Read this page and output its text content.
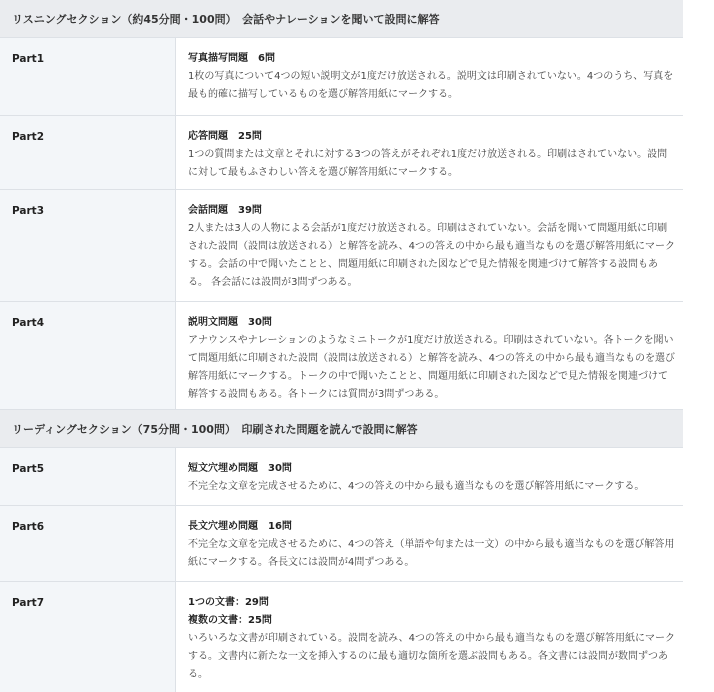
リスニングセクション（約45分間・100問）　会話やナレーションを聞いて設問に解答
Part1	写真描写問題　6問
1枚の写真について4つの短い説明文が1度だけ放送される。説明文は印刷されていない。4つのうち、写真を最も的確に描写しているものを選び解答用紙にマークする。
Part2	応答問題　25問
1つの質問または文章とそれに対する3つの答えがそれぞれ1度だけ放送される。印刷はされていない。設問に対して最もふさわしい答えを選び解答用紙にマークする。
Part3	会話問題　39問
2人または3人の人物による会話が1度だけ放送される。印刷はされていない。会話を聞いて問題用紙に印刷された設問（設問は放送される）と解答を読み、4つの答えの中から最も適当なものを選び解答用紙にマークする。会話の中で聞いたことと、問題用紙に印刷された図などで見た情報を関連づけて解答する設問もある。 各会話には設問が3問ずつある。
Part4	説明文問題　30問
アナウンスやナレーションのようなミニトークが1度だけ放送される。印刷はされていない。各トークを聞いて問題用紙に印刷された設問（設問は放送される）と解答を読み、4つの答えの中から最も適当なものを選び解答用紙にマークする。トークの中で聞いたことと、問題用紙に印刷された図などで見た情報を関連づけて解答する設問もある。各トークには質問が3問ずつある。
リーディングセクション（75分間・100問）　印刷された問題を読んで設問に解答
Part5	短文穴埋め問題　30問
不完全な文章を完成させるために、4つの答えの中から最も適当なものを選び解答用紙にマークする。
Part6	長文穴埋め問題　16問
不完全な文章を完成させるために、4つの答え（単語や句または一文）の中から最も適当なものを選び解答用紙にマークする。各長文には設問が4問ずつある。
Part7	1つの文書：29問
複数の文書：25問
いろいろな文書が印刷されている。設問を読み、4つの答えの中から最も適当なものを選び解答用紙にマークする。文書内に新たな一文を挿入するのに最も適切な箇所を選ぶ設問もある。各文書には設問が数問ずつある。
